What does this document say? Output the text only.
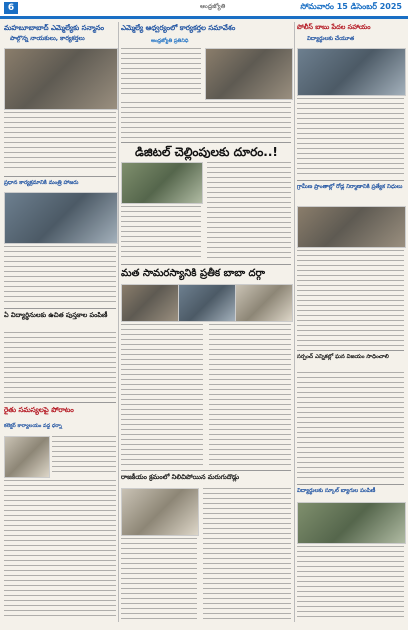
6	ఆంధ్రజ్యోతి	సోమవారం 15 డిసెంబర్ 2025
మహబూబాబాద్ ఎమ్మెల్యేకు సన్మానం
పాల్గొన్న నాయకులు, కార్యకర్తలు
ప్రధాన కార్యక్రమానికి మంత్రి హాజరు
ఏ విద్యార్థినులకు ఉచిత పుస్తకాల పంపిణీ
రైతు సమస్యలపై పోరాటం
కలెక్టర్ కార్యాలయం వద్ద ధర్నా
ఎమ్మెల్యే ఆధ్వర్యంలో కార్యకర్తల సమావేశం
ఆంధ్రజ్యోతి ప్రతినిధి
డిజిటల్ చెల్లింపులకు దూరం..!
మత సామరస్యానికి ప్రతీక బాబా దర్గా
రాజకీయం క్రమంలో నిలిచిపోయిన మరుగుదొడ్లు
పోలీస్ బాబు పేదల సహాయం
విద్యార్థులకు చేయూత
గ్రామీణ ప్రాంతాల్లో రోడ్ల నిర్మాణానికి ప్రత్యేక నిధులు
సర్పంచ్ ఎన్నికల్లో ఘన విజయం సాధించాలి
విద్యార్థులకు స్కూల్ బ్యాగుల పంపిణీ
